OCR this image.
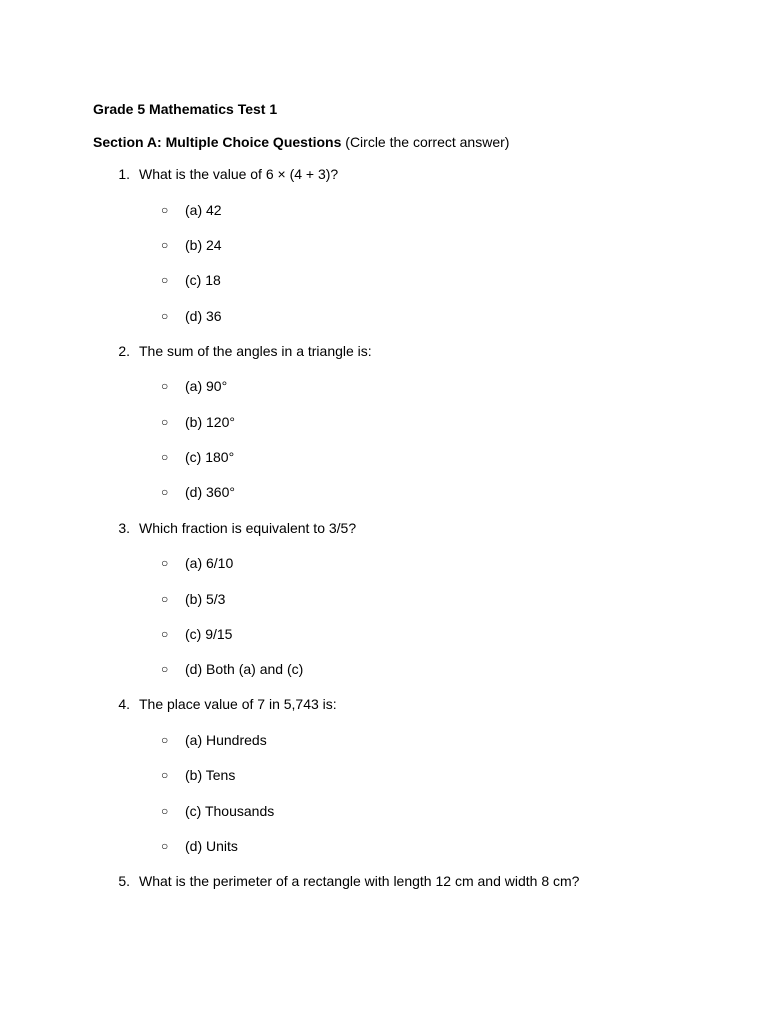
Grade 5 Mathematics Test 1

Section A: Multiple Choice Questions (Circle the correct answer)

1. What is the value of 6 × (4 + 3)?
○ (a) 42
○ (b) 24
○ (c) 18
○ (d) 36
2. The sum of the angles in a triangle is:
○ (a) 90°
○ (b) 120°
○ (c) 180°
○ (d) 360°
3. Which fraction is equivalent to 3/5?
○ (a) 6/10
○ (b) 5/3
○ (c) 9/15
○ (d) Both (a) and (c)
4. The place value of 7 in 5,743 is:
○ (a) Hundreds
○ (b) Tens
○ (c) Thousands
○ (d) Units
5. What is the perimeter of a rectangle with length 12 cm and width 8 cm?
